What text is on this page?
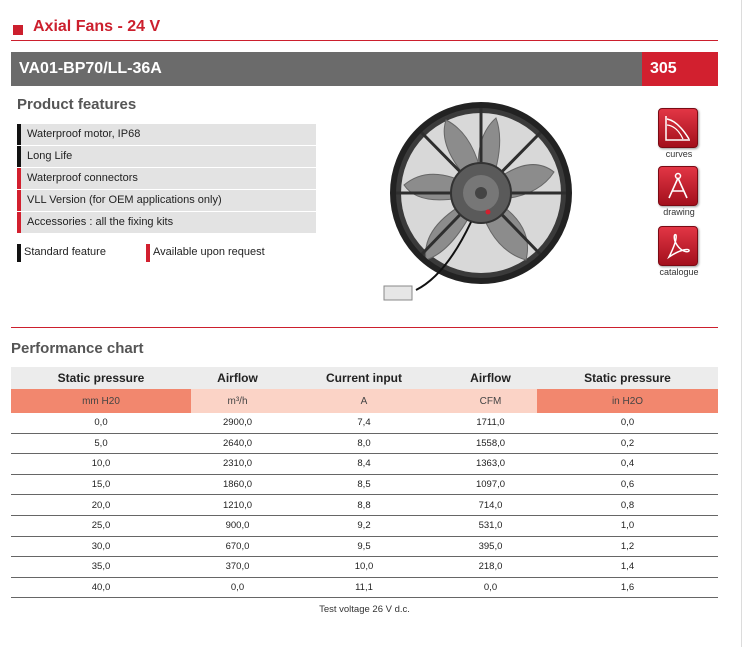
Axial Fans - 24 V
VA01-BP70/LL-36A	305
Product features
Waterproof motor, IP68
Long Life
Waterproof connectors
VLL Version (for OEM applications only)
Accessories : all the fixing kits
Standard feature	Available upon request
curves
drawing
catalogue
Performance chart
Static pressure	Airflow	Current input	Airflow	Static pressure
mm H20	m³/h	A	CFM	in H2O
0,0	2900,0	7,4	1711,0	0,0
5,0	2640,0	8,0	1558,0	0,2
10,0	2310,0	8,4	1363,0	0,4
15,0	1860,0	8,5	1097,0	0,6
20,0	1210,0	8,8	714,0	0,8
25,0	900,0	9,2	531,0	1,0
30,0	670,0	9,5	395,0	1,2
35,0	370,0	10,0	218,0	1,4
40,0	0,0	11,1	0,0	1,6
Test voltage 26 V d.c.
